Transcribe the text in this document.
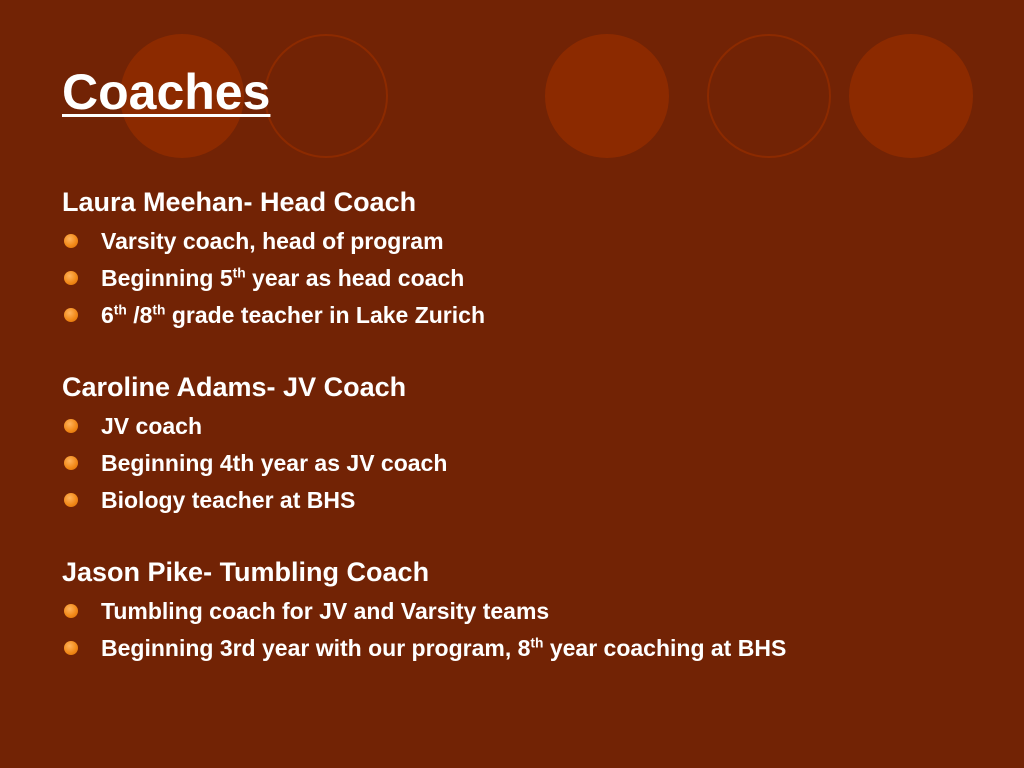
Coaches
Laura Meehan- Head Coach
Varsity coach, head of program
Beginning 5th year as head coach
6th /8th grade teacher in Lake Zurich
Caroline Adams- JV Coach
JV coach
Beginning 4th year as JV coach
Biology teacher at BHS
Jason Pike- Tumbling Coach
Tumbling coach for JV and Varsity teams
Beginning 3rd year with our program, 8th year coaching at BHS
